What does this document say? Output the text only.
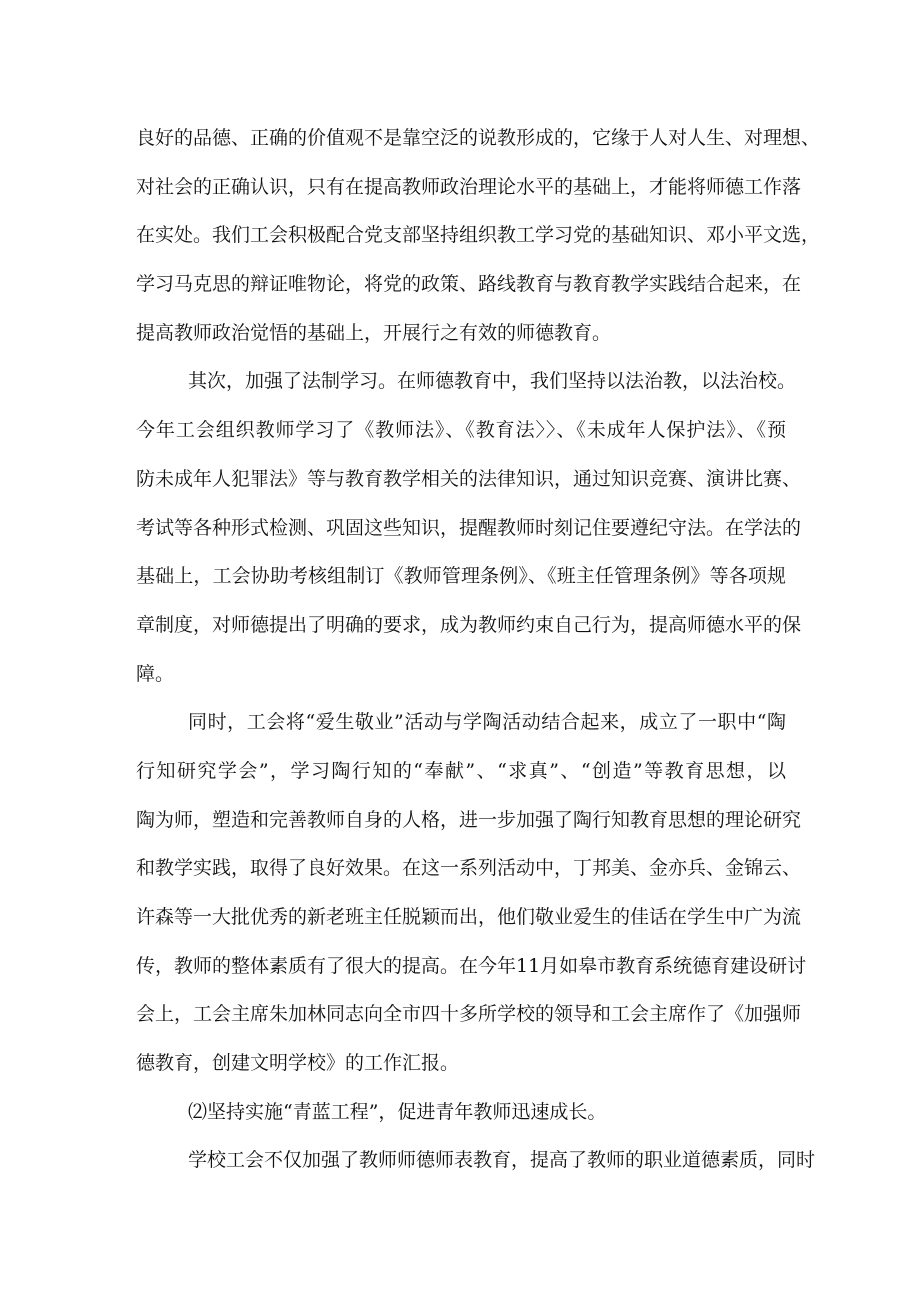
良好的品德、正确的价值观不是靠空泛的说教形成的，它缘于人对人生、对理想、
对社会的正确认识，只有在提高教师政治理论水平的基础上，才能将师德工作落
在实处。我们工会积极配合党支部坚持组织教工学习党的基础知识、邓小平文选，
学习马克思的辩证唯物论，将党的政策、路线教育与教育教学实践结合起来，在
提高教师政治觉悟的基础上，开展行之有效的师德教育。
其次，加强了法制学习。在师德教育中，我们坚持以法治教，以法治校。
今年工会组织教师学习了《教师法》、《教育法〉〉、《未成年人保护法》、《预
防未成年人犯罪法》等与教育教学相关的法律知识，通过知识竞赛、演讲比赛、
考试等各种形式检测、巩固这些知识，提醒教师时刻记住要遵纪守法。在学法的
基础上，工会协助考核组制订《教师管理条例》、《班主任管理条例》等各项规
章制度，对师德提出了明确的要求，成为教师约束自己行为，提高师德水平的保
障。
同时，工会将“爱生敬业”活动与学陶活动结合起来，成立了一职中“陶
行知研究学会”，学习陶行知的“奉献”、“求真”、“创造”等教育思想，以
陶为师，塑造和完善教师自身的人格，进一步加强了陶行知教育思想的理论研究
和教学实践，取得了良好效果。在这一系列活动中，丁邦美、金亦兵、金锦云、
许森等一大批优秀的新老班主任脱颖而出，他们敬业爱生的佳话在学生中广为流
传，教师的整体素质有了很大的提高。在今年11月如皋市教育系统德育建设研讨
会上，工会主席朱加林同志向全市四十多所学校的领导和工会主席作了《加强师
德教育，创建文明学校》的工作汇报。
⑵坚持实施“青蓝工程”，促进青年教师迅速成长。
学校工会不仅加强了教师师德师表教育，提高了教师的职业道德素质，同时
